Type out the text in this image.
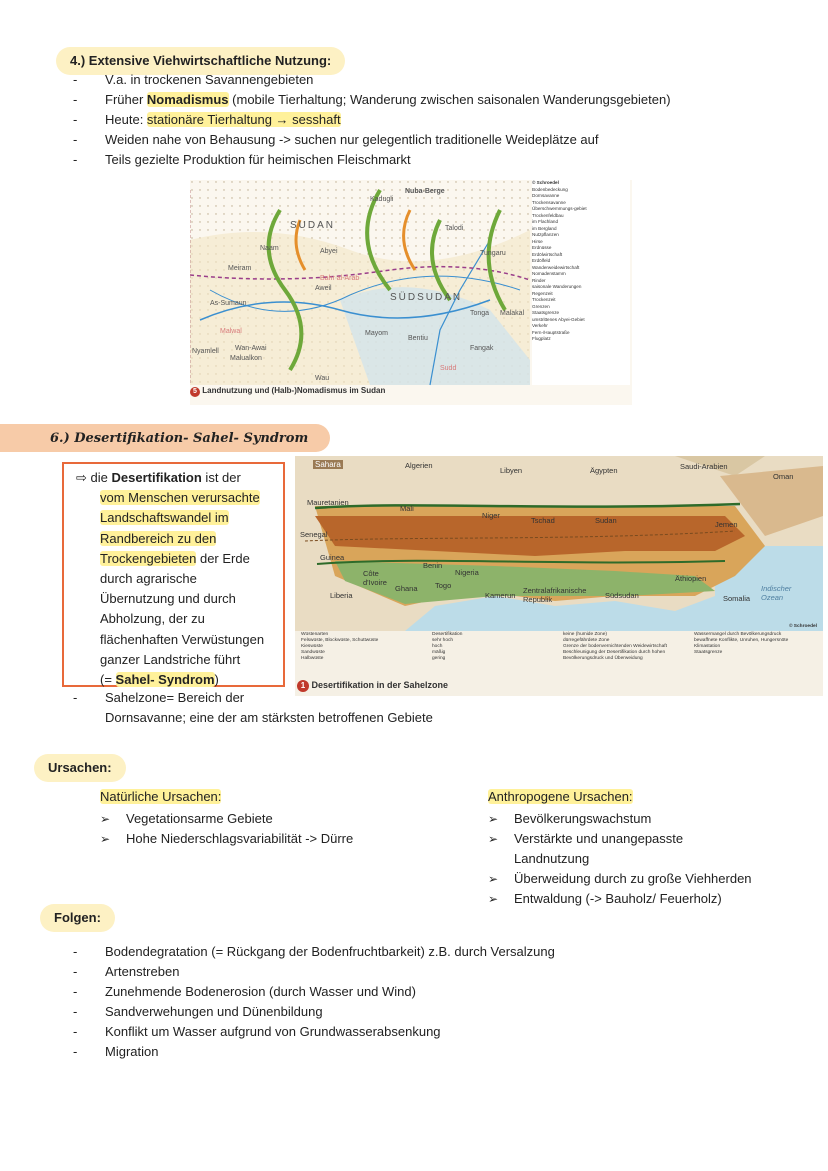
4.) Extensive Viehwirtschaftliche Nutzung:
- V.a. in trockenen Savannengebieten
- Früher Nomadismus (mobile Tierhaltung; Wanderung zwischen saisonalen Wanderungsgebieten)
- Heute: stationäre Tierhaltung → sesshaft
- Weiden nahe von Behausung -> suchen nur gelegentlich traditionelle Weideplätze auf
- Teils gezielte Produktion für heimischen Fleischmarkt
SUDAN
SÜDSUDAN
Kadugli
Nuba-Berge
Talodi
Tungaru
Malakal
Bentiu
Fangak
Aweil
Mayom
Wau
Naam	Abyei
Meiram
As-Sumaun
Nyamlell
Malwal
Wan-Awai
Malualkon
Tonga
Bahr al-Arab
Sudd
© Schroedel
Bodenbedeckung
Dornsavanne
Trockensavanne
Überschwemmungs-gebiet
Trockenfeldbau
im Flachland
im Bergland
Nutzpflanzen
Hirse
Erdnüsse
Erdölwirtschaft
Erdölfeld
Wanderweidewirtschaft
Nomadenstamm
Rinder
saisonale Wanderungen
Regenzeit
Trockenzeit
Grenzen
Staatsgrenze
umstrittenes Abyei-Gebiet
Verkehr
Fern-/Hauptstraße
Flugplatz
5 Landnutzung und (Halb-)Nomadismus im Sudan
6.) Desertifikation- Sahel- Syndrom
⇨ die Desertifikation ist der
vom Menschen verursachte
Landschaftswandel im
Randbereich zu den
Trockengebieten der Erde
durch agrarische
Übernutzung und durch
Abholzung, der zu
flächenhaften Verwüstungen
ganzer Landstriche führt
(= Sahel- Syndrom)
- Sahelzone= Bereich der
Dornsavanne; eine der am stärksten betroffenen Gebiete
Sahara	Algerien
Libyen	Ägypten	Saudi-Arabien
Oman
Mauretanien
Mali
Niger
Tschad	Sudan	Jemen
Senegal
Guinea
Côte d'Ivoire
Ghana
Nigeria
Kamerun
Zentralafrikanische Republik	Südsudan
Äthiopien
Somalia
Indischer Ozean
Liberia
Benin
Togo
© Schroedel
Wüstenarten
Felswüste, Blockwüste, Schuttwüste
Kieswüste
Sandwüste
Halbwüste
Desertifikation
sehr hoch
hoch
mäßig
gering
keine (humide Zone)
dürregefährdete Zone
Grenze der bodenvernichtenden Weidewirtschaft
Beschleunigung der Desertifikation durch hohen Bevölkerungsdruck und Überweidung
Wassermangel durch Bevölkerungsdruck
bewaffnete Konflikte, Unruhen, Hungersnöte
Klimastation
Staatsgrenze
1 Desertifikation in der Sahelzone
Ursachen:
Natürliche Ursachen:
➢ Vegetationsarme Gebiete
➢ Hohe Niederschlagsvariabilität -> Dürre
Anthropogene Ursachen:
➢ Bevölkerungswachstum
➢ Verstärkte und unangepasste
Landnutzung
➢ Überweidung durch zu große Viehherden
➢ Entwaldung (-> Bauholz/ Feuerholz)
Folgen:
- Bodendegratation (= Rückgang der Bodenfruchtbarkeit) z.B. durch Versalzung
- Artenstreben
- Zunehmende Bodenerosion (durch Wasser und Wind)
- Sandverwehungen und Dünenbildung
- Konflikt um Wasser aufgrund von Grundwasserabsenkung
- Migration
